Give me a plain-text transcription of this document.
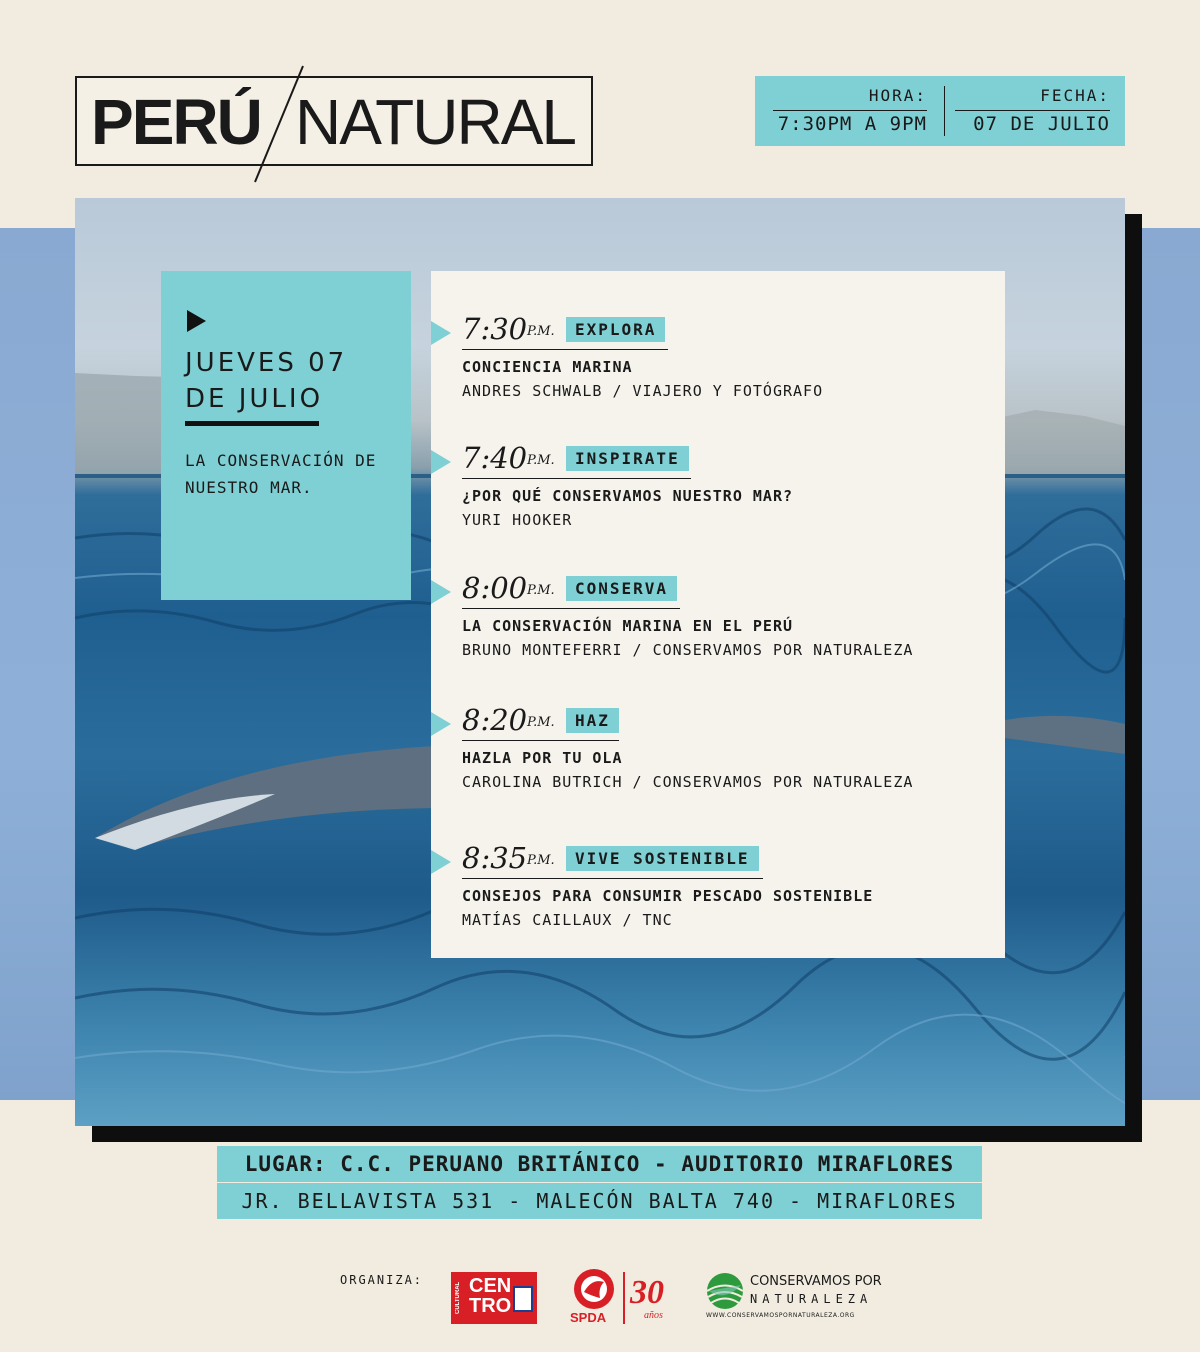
PERÚ NATURAL	HORA:
7:30PM A 9PM
FECHA:
07 DE JULIO
JUEVES 07 DE JULIO
LA CONSERVACIÓN DE NUESTRO MAR.
7:30 P.M.	EXPLORA
CONCIENCIA MARINA
ANDRES SCHWALB / VIAJERO Y FOTÓGRAFO
7:40 P.M.	INSPIRATE
¿POR QUÉ CONSERVAMOS NUESTRO MAR?
YURI HOOKER
8:00 P.M.	CONSERVA
LA CONSERVACIÓN MARINA EN EL PERÚ
BRUNO MONTEFERRI / CONSERVAMOS POR NATURALEZA
8:20 P.M.	HAZ
HAZLA POR TU OLA
CAROLINA BUTRICH / CONSERVAMOS POR NATURALEZA
8:35 P.M.	VIVE SOSTENIBLE
CONSEJOS PARA CONSUMIR PESCADO SOSTENIBLE
MATÍAS CAILLAUX / TNC
LUGAR: C.C. PERUANO BRITÁNICO - AUDITORIO MIRAFLORES
JR. BELLAVISTA 531 - MALECÓN BALTA 740 - MIRAFLORES
ORGANIZA:
CULTURAL CEN
TRO
SPDA
30
años
CONSERVAMOS POR
NATURALEZA
WWW.CONSERVAMOSPORNATURALEZA.ORG
